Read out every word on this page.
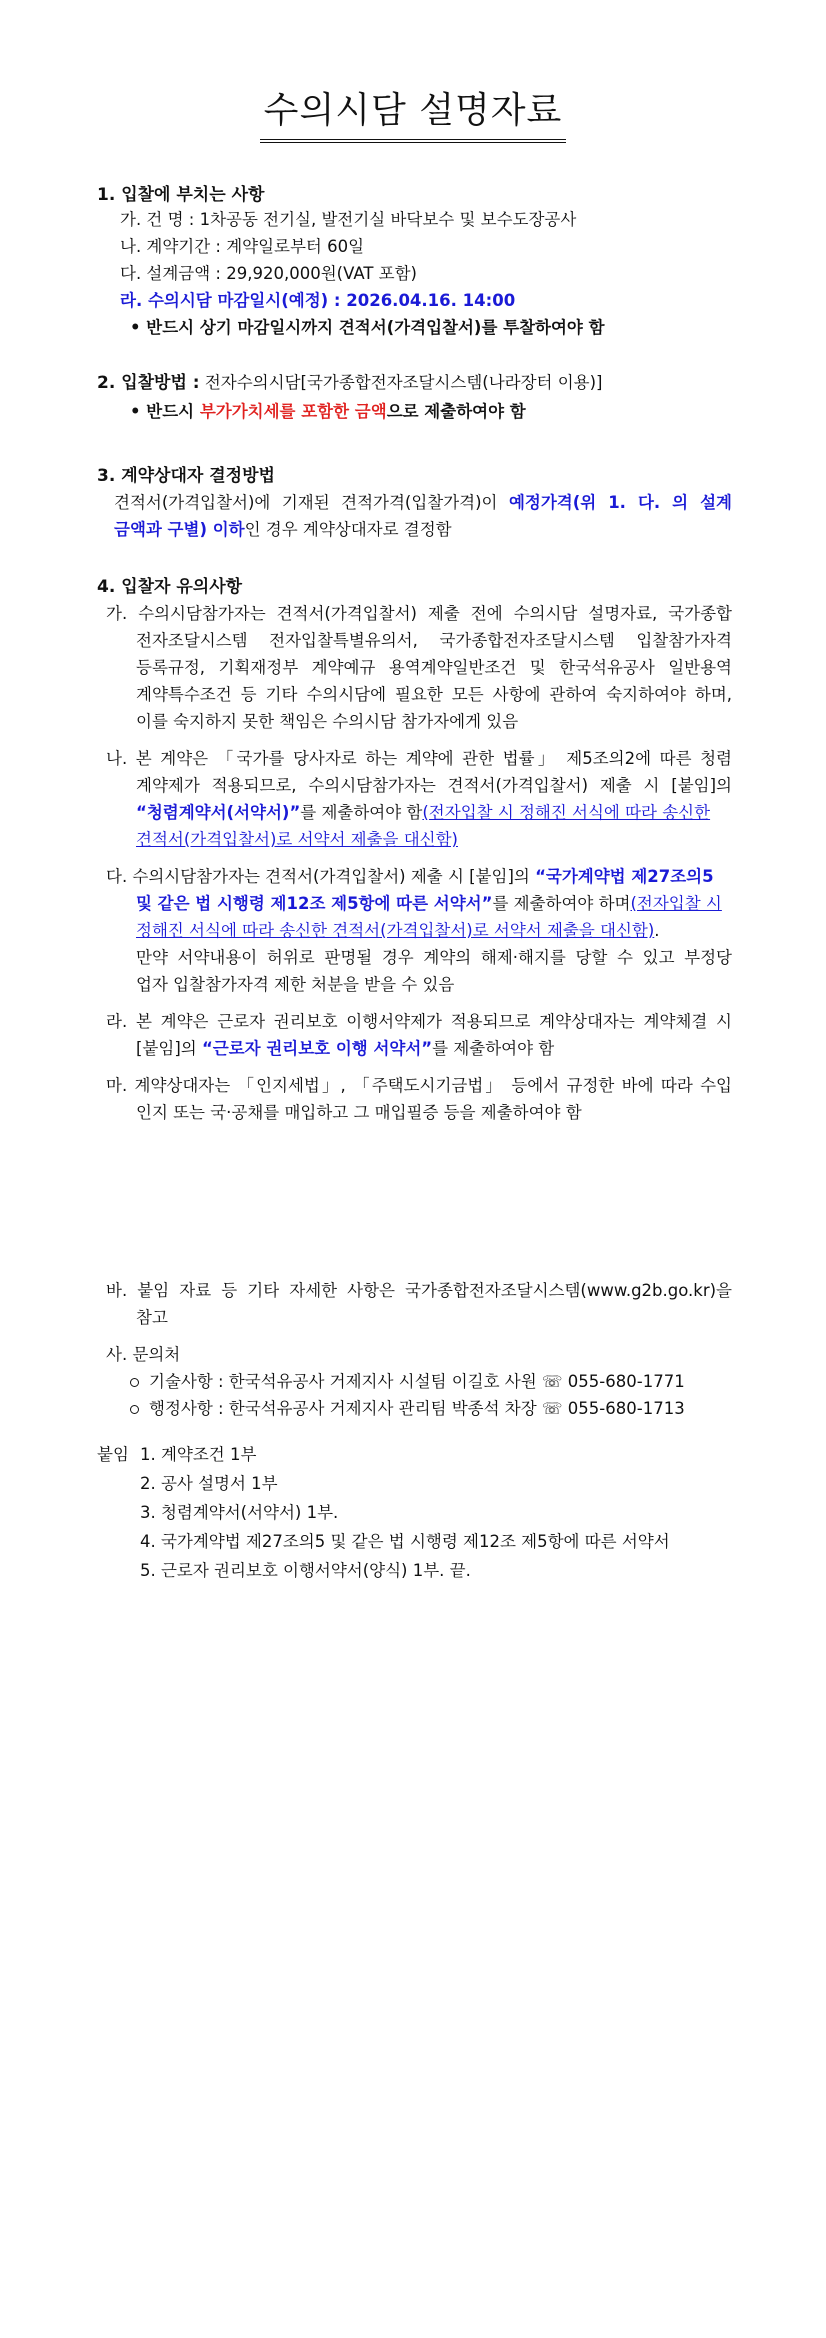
수의시담 설명자료
1. 입찰에 부치는 사항
가. 건 명 : 1차공동 전기실, 발전기실 바닥보수 및 보수도장공사
나. 계약기간 : 계약일로부터 60일
다. 설계금액 : 29,920,000원(VAT 포함)
라. 수의시담 마감일시(예정) : 2026.04.16. 14:00
• 반드시 상기 마감일시까지 견적서(가격입찰서)를 투찰하여야 함
2. 입찰방법 : 전자수의시담[국가종합전자조달시스템(나라장터 이용)]
• 반드시 부가가치세를 포함한 금액으로 제출하여야 함
3. 계약상대자 결정방법
견적서(가격입찰서)에 기재된 견적가격(입찰가격)이 예정가격(위 1. 다. 의 설계
금액과 구별) 이하인 경우 계약상대자로 결정함
4. 입찰자 유의사항
가. 수의시담참가자는 견적서(가격입찰서) 제출 전에 수의시담 설명자료, 국가종합
전자조달시스템 전자입찰특별유의서, 국가종합전자조달시스템 입찰참가자격
등록규정, 기획재정부 계약예규 용역계약일반조건 및 한국석유공사 일반용역
계약특수조건 등 기타 수의시담에 필요한 모든 사항에 관하여 숙지하여야 하며,
이를 숙지하지 못한 책임은 수의시담 참가자에게 있음
나. 본 계약은 「국가를 당사자로 하는 계약에 관한 법률」 제5조의2에 따른 청렴
계약제가 적용되므로, 수의시담참가자는 견적서(가격입찰서) 제출 시 [붙임]의
“청렴계약서(서약서)”를 제출하여야 함(전자입찰 시 정해진 서식에 따라 송신한
견적서(가격입찰서)로 서약서 제출을 대신함)
다. 수의시담참가자는 견적서(가격입찰서) 제출 시 [붙임]의 “국가계약법 제27조의5
및 같은 법 시행령 제12조 제5항에 따른 서약서”를 제출하여야 하며(전자입찰 시
정해진 서식에 따라 송신한 견적서(가격입찰서)로 서약서 제출을 대신함).
만약 서약내용이 허위로 판명될 경우 계약의 해제·해지를 당할 수 있고 부정당
업자 입찰참가자격 제한 처분을 받을 수 있음
라. 본 계약은 근로자 권리보호 이행서약제가 적용되므로 계약상대자는 계약체결 시
[붙임]의 “근로자 권리보호 이행 서약서”를 제출하여야 함
마. 계약상대자는 「인지세법」, 「주택도시기금법」 등에서 규정한 바에 따라 수입
인지 또는 국·공채를 매입하고 그 매입필증 등을 제출하여야 함
바. 붙임 자료 등 기타 자세한 사항은 국가종합전자조달시스템(www.g2b.go.kr)을
참고
사. 문의처
기술사항 : 한국석유공사 거제지사 시설팀 이길호 사원 ☏ 055-680-1771
행정사항 : 한국석유공사 거제지사 관리팀 박종석 차장 ☏ 055-680-1713
붙임 1. 계약조건 1부
2. 공사 설명서 1부
3. 청렴계약서(서약서) 1부.
4. 국가계약법 제27조의5 및 같은 법 시행령 제12조 제5항에 따른 서약서
5. 근로자 권리보호 이행서약서(양식) 1부. 끝.
